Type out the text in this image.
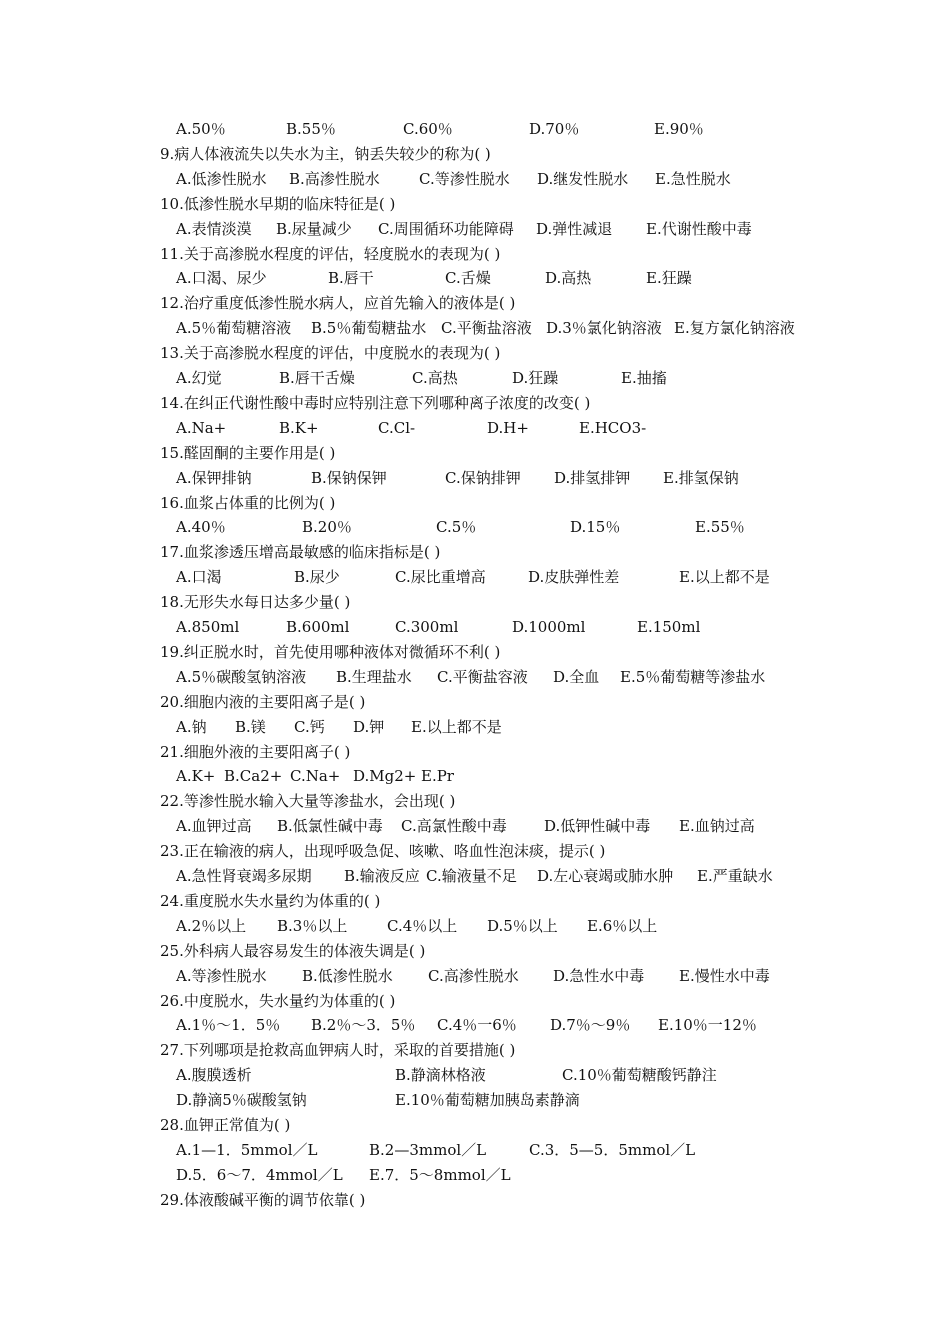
A.50％	B.55％	C.60％	D.70％	E.90％
9.病人体液流失以失水为主，钠丢失较少的称为( )
A.低渗性脱水 B.高渗性脱水	C.等渗性脱水 D.继发性脱水 E.急性脱水
10.低渗性脱水早期的临床特征是( )
A.表情淡漠 B.尿量减少 C.周围循环功能障碍 D.弹性减退 E.代谢性酸中毒
11.关于高渗脱水程度的评估，轻度脱水的表现为( )
A.口渴、尿少	B.唇干	C.舌燥	D.高热	E.狂躁
12.治疗重度低渗性脱水病人，应首先输入的液体是( )
A.5％葡萄糖溶液 B.5％葡萄糖盐水 C.平衡盐溶液 D.3％氯化钠溶液 E.复方氯化钠溶液
13.关于高渗脱水程度的评估，中度脱水的表现为( )
A.幻觉	B.唇干舌燥	C.高热	D.狂躁	E.抽搐
14.在纠正代谢性酸中毒时应特别注意下列哪种离子浓度的改变( )
A.Na+	B.K+	C.Cl-	D.H+	E.HCO3-
15.醛固酮的主要作用是( )
A.保钾排钠	B.保钠保钾	C.保钠排钾 D.排氢排钾 E.排氢保钠
16.血浆占体重的比例为( )
A.40％	B.20％	C.5％	D.15％	E.55％
17.血浆渗透压增高最敏感的临床指标是( )
A.口渴	B.尿少	C.尿比重增高	D.皮肤弹性差	E.以上都不是
18.无形失水每日达多少量( )
A.850ml	B.600ml	C.300ml	D.1000ml	E.150ml
19.纠正脱水时，首先使用哪种液体对微循环不利( )
A.5％碳酸氢钠溶液 B.生理盐水 C.平衡盐容液 D.全血 E.5％葡萄糖等渗盐水
20.细胞内液的主要阳离子是( )
A.钠 B.镁 C.钙 D.钾 E.以上都不是
21.细胞外液的主要阳离子( )
A.K+ B.Ca2+ C.Na+ D.Mg2+ E.Pr
22.等渗性脱水输入大量等渗盐水，会出现( )
A.血钾过高 B.低氯性碱中毒 C.高氯性酸中毒 D.低钾性碱中毒 E.血钠过高
23.正在输液的病人，出现呼吸急促、咳嗽、咯血性泡沫痰，提示( )
A.急性肾衰竭多尿期 B.输液反应 C.输液量不足 D.左心衰竭或肺水肿 E.严重缺水
24.重度脱水失水量约为体重的( )
A.2％以上 B.3％以上	C.4％以上 D.5％以上 E.6％以上
25.外科病人最容易发生的体液失调是( )
A.等渗性脱水 B.低渗性脱水 C.高渗性脱水 D.急性水中毒 E.慢性水中毒
26.中度脱水，失水量约为体重的( )
A.1％～1．5％ B.2％～3．5％ C.4％一6％ D.7％～9％ E.10％一12％
27.下列哪项是抢救高血钾病人时，采取的首要措施( )
A.腹膜透析	B.静滴林格液	C.10％葡萄糖酸钙静注
D.静滴5％碳酸氢钠	E.10％葡萄糖加胰岛素静滴
28.血钾正常值为( )
A.1—1．5mmol／L	B.2—3mmol／L	C.3．5—5．5mmol／L
D.5．6～7．4mmol／L E.7．5～8mmol／L
29.体液酸碱平衡的调节依靠( )
